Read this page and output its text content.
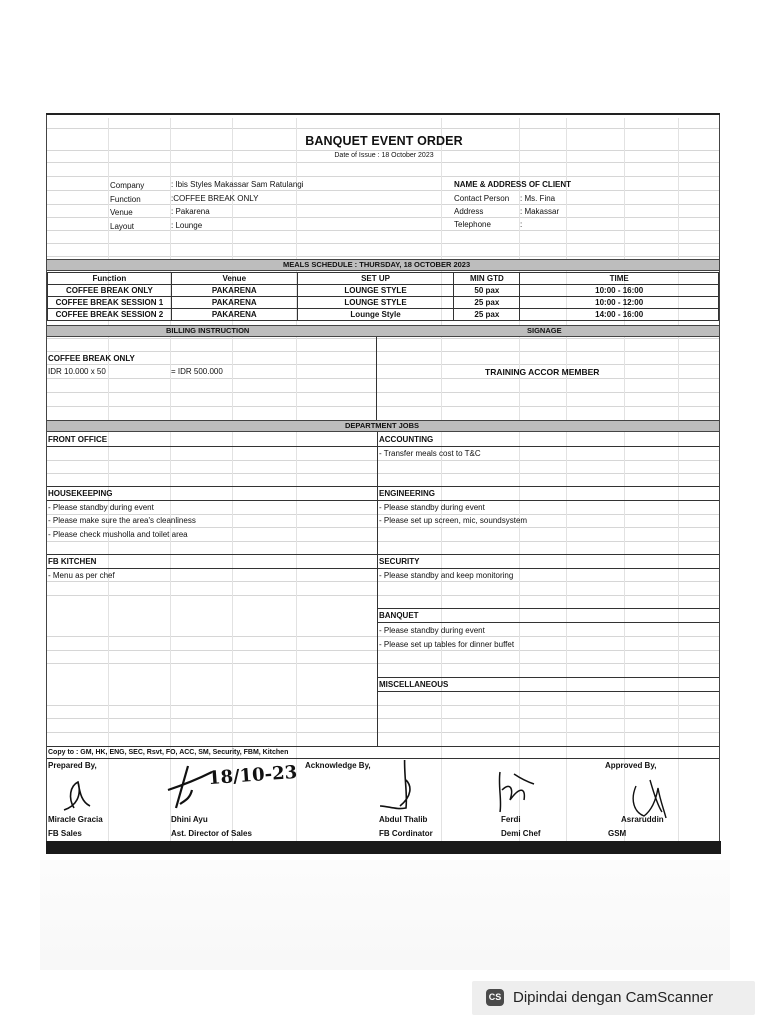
BANQUET EVENT ORDER
Date of Issue : 18 October 2023
Company	: Ibis Styles Makassar Sam Ratulangi
Function	:COFFEE BREAK ONLY
Venue	: Pakarena
Layout	: Lounge
NAME & ADDRESS OF CLIENT
Contact Person : Ms. Fina
Address	: Makassar
Telephone	:
MEALS SCHEDULE : THURSDAY, 18 OCTOBER 2023
Function	Venue	SET UP	MIN GTD	TIME
COFFEE BREAK ONLY	PAKARENA	LOUNGE STYLE	50 pax	10:00 - 16:00
COFFEE BREAK SESSION 1	PAKARENA	LOUNGE STYLE	25 pax	10:00 - 12:00
COFFEE BREAK SESSION 2	PAKARENA	Lounge Style	25 pax	14:00 - 16:00
BILLING INSTRUCTION	SIGNAGE
COFFEE BREAK ONLY
IDR 10.000 x 50	= IDR 500.000	TRAINING ACCOR MEMBER
DEPARTMENT JOBS
FRONT OFFICE	ACCOUNTING
- Transfer meals cost to T&C
HOUSEKEEPING
- Please standby during event
- Please make sure the area's cleanliness
- Please check musholla and toilet area
ENGINEERING
- Please standby during event
- Please set up screen, mic, soundsystem
FB KITCHEN
- Menu as per chef
SECURITY
- Please standby and keep monitoring
BANQUET
- Please standby during event
- Please set up tables for dinner buffet
MISCELLANEOUS
Copy to : GM, HK, ENG, SEC, Rsvt, FO, ACC, SM, Security, FBM, Kitchen
Prepared By,	Acknowledge By,	Approved By,
18/10-23
Miracle Gracia
FB Sales
Dhini Ayu
Ast. Director of Sales
Abdul Thalib
FB Cordinator
Ferdi
Demi Chef
Asraruddin
GSM
CS Dipindai dengan CamScanner
